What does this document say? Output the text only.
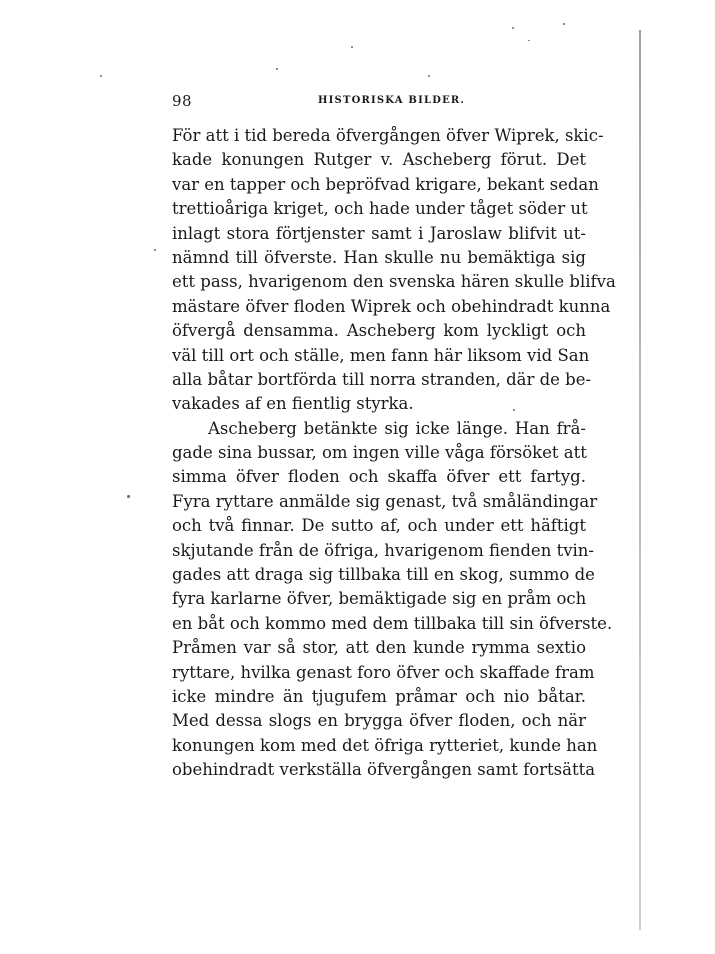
98	HISTORISKA BILDER.
För att i tid bereda öfvergången öfver Wiprek, skic-
kade konungen Rutger v. Ascheberg förut. Det
var en tapper och bepröfvad krigare, bekant sedan
trettioåriga kriget, och hade under tåget söder ut
inlagt stora förtjenster samt i Jaroslaw blifvit ut-
nämnd till öfverste. Han skulle nu bemäktiga sig
ett pass, hvarigenom den svenska hären skulle blifva
mästare öfver floden Wiprek och obehindradt kunna
öfvergå densamma. Ascheberg kom lyckligt och
väl till ort och ställe, men fann här liksom vid San
alla båtar bortförda till norra stranden, där de be-
vakades af en fientlig styrka.
Ascheberg betänkte sig icke länge. Han frå-
gade sina bussar, om ingen ville våga försöket att
simma öfver floden och skaffa öfver ett fartyg.
Fyra ryttare anmälde sig genast, två småländingar
och två finnar. De sutto af, och under ett häftigt
skjutande från de öfriga, hvarigenom fienden tvin-
gades att draga sig tillbaka till en skog, summo de
fyra karlarne öfver, bemäktigade sig en pråm och
en båt och kommo med dem tillbaka till sin öfverste.
Pråmen var så stor, att den kunde rymma sextio
ryttare, hvilka genast foro öfver och skaffade fram
icke mindre än tjugufem pråmar och nio båtar.
Med dessa slogs en brygga öfver floden, och när
konungen kom med det öfriga rytteriet, kunde han
obehindradt verkställa öfvergången samt fortsätta
